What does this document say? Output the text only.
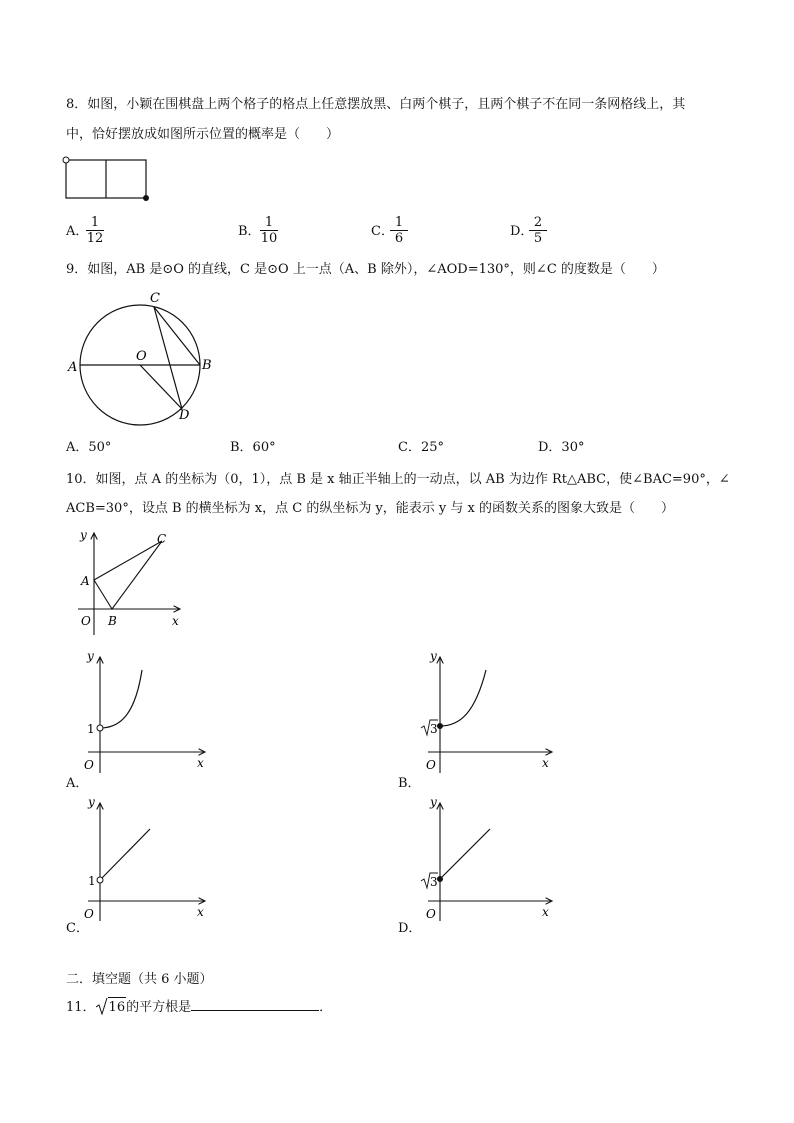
8．如图，小颖在围棋盘上两个格子的格点上任意摆放黑、白两个棋子，且两个棋子不在同一条网格线上，其
中，恰好摆放成如图所示位置的概率是（　　）
A．
1
12	B．
1
10	C．
1
6	D．
2
5
9．如图，AB 是⊙O 的直线，C 是⊙O 上一点（A、B 除外），∠AOD=130°，则∠C 的度数是（　　）
A	B
C
D
O
A．50°	B．60°	C．25°	D．30°
10．如图，点 A 的坐标为（0，1），点 B 是 x 轴正半轴上的一动点，以 AB 为边作 Rt△ABC，使∠BAC=90°，∠
ACB=30°，设点 B 的横坐标为 x，点 C 的纵坐标为 y，能表示 y 与 x 的函数关系的图象大致是（　　）
y
x
O B
A
C
y
x
O
1
A．
y
x
O
3
B．
y
x
O
1
C．
y
x
O
3
D．
二．填空题（共 6 小题）
11． 16的平方根是	．
